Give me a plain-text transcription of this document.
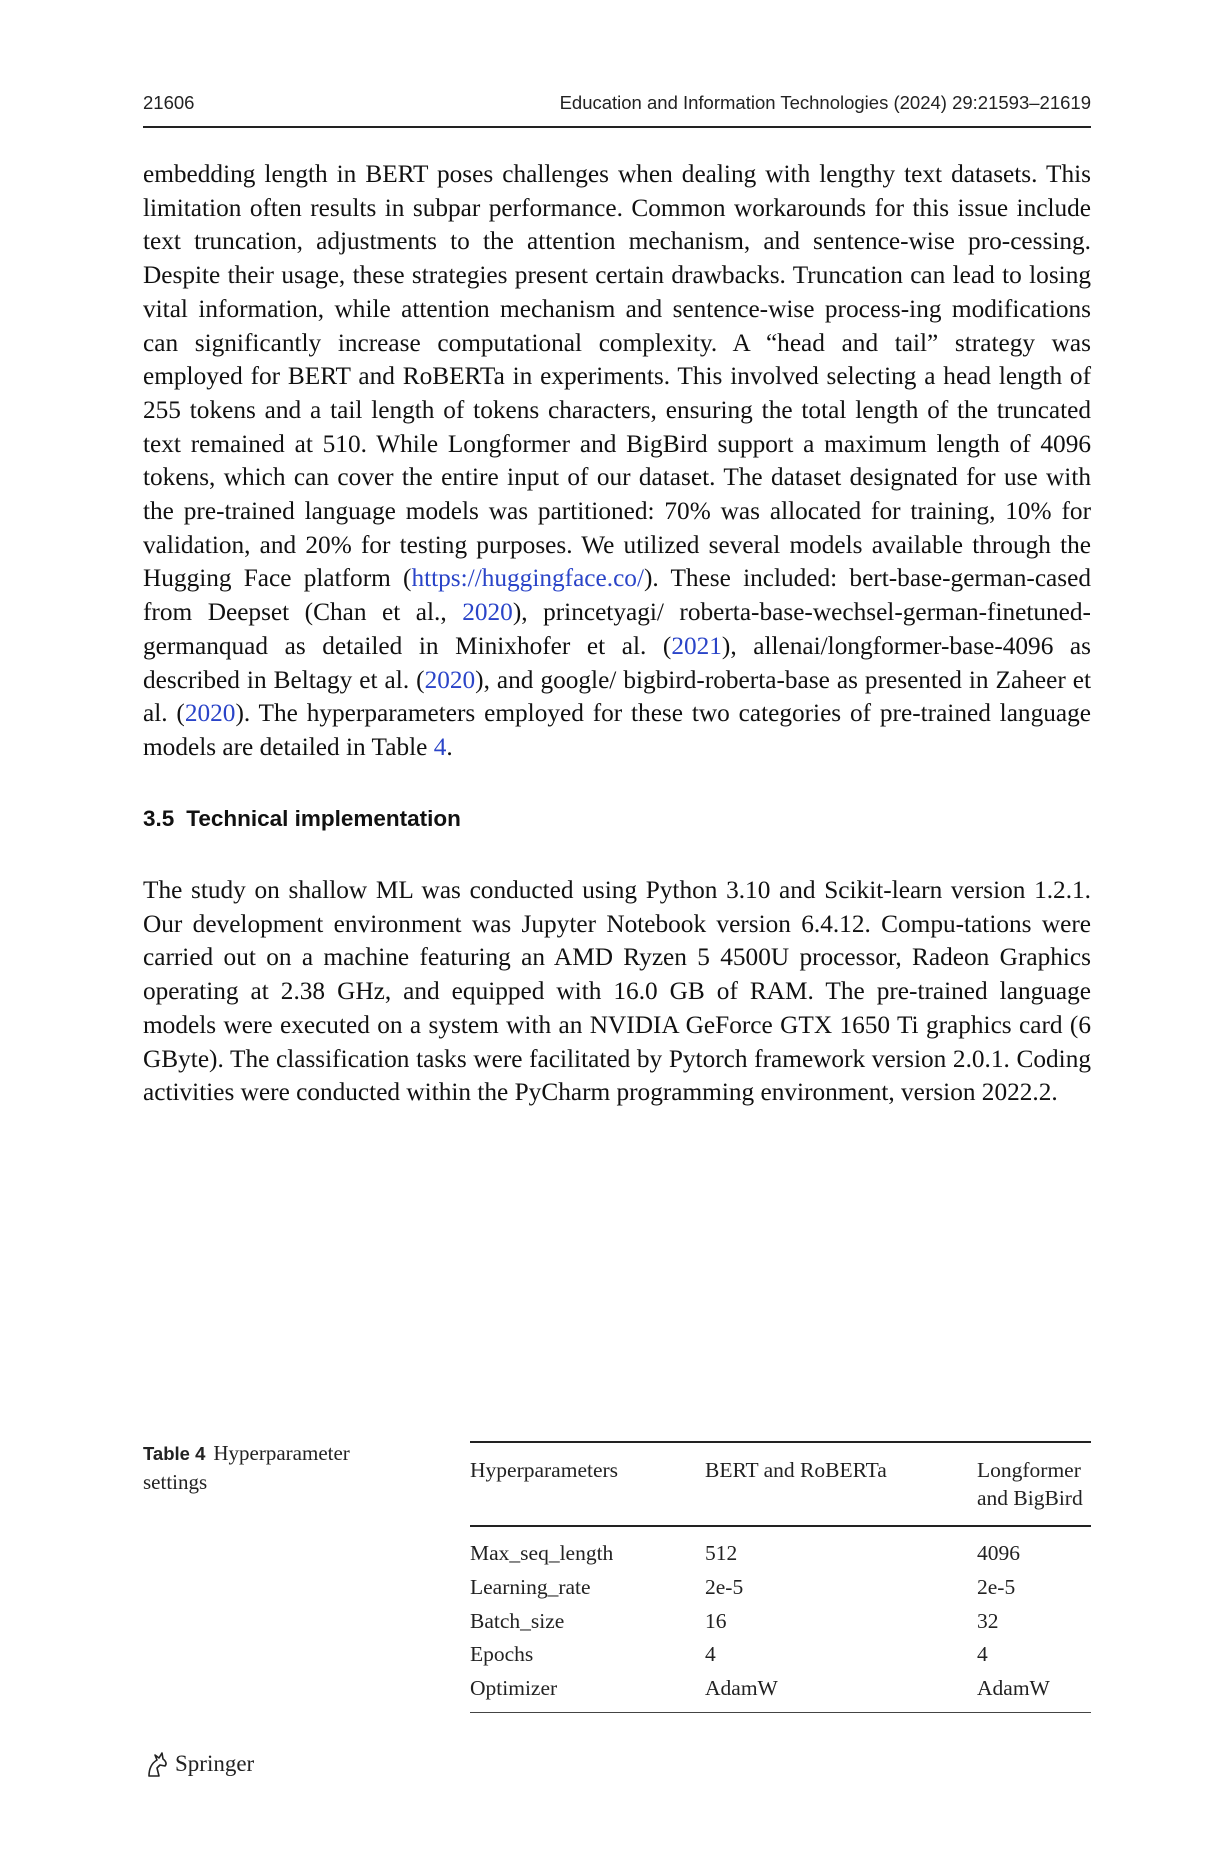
21606	Education and Information Technologies (2024) 29:21593–21619
embedding length in BERT poses challenges when dealing with lengthy text datasets. This limitation often results in subpar performance. Common workarounds for this issue include text truncation, adjustments to the attention mechanism, and sentence-wise pro-cessing. Despite their usage, these strategies present certain drawbacks. Truncation can lead to losing vital information, while attention mechanism and sentence-wise process-ing modifications can significantly increase computational complexity. A “head and tail” strategy was employed for BERT and RoBERTa in experiments. This involved selecting a head length of 255 tokens and a tail length of tokens characters, ensuring the total length of the truncated text remained at 510. While Longformer and BigBird support a maximum length of 4096 tokens, which can cover the entire input of our dataset. The dataset designated for use with the pre-trained language models was partitioned: 70% was allocated for training, 10% for validation, and 20% for testing purposes. We utilized several models available through the Hugging Face platform (https://huggingface.co/). These included: bert-base-german-cased from Deepset (Chan et al., 2020), princetyagi/ roberta-base-wechsel-german-finetuned-germanquad as detailed in Minixhofer et al. (2021), allenai/longformer-base-4096 as described in Beltagy et al. (2020), and google/ bigbird-roberta-base as presented in Zaheer et al. (2020). The hyperparameters employed for these two categories of pre-trained language models are detailed in Table 4.
3.5 Technical implementation
The study on shallow ML was conducted using Python 3.10 and Scikit-learn version 1.2.1. Our development environment was Jupyter Notebook version 6.4.12. Compu-tations were carried out on a machine featuring an AMD Ryzen 5 4500U processor, Radeon Graphics operating at 2.38 GHz, and equipped with 16.0 GB of RAM. The pre-trained language models were executed on a system with an NVIDIA GeForce GTX 1650 Ti graphics card (6 GByte). The classification tasks were facilitated by Pytorch framework version 2.0.1. Coding activities were conducted within the PyCharm programming environment, version 2022.2.
Table 4 Hyperparameter settings	Hyperparameters	BERT and RoBERTa	Longformer and BigBird
Max_seq_length	512	4096
Learning_rate	2e-5	2e-5
Batch_size	16	32
Epochs	4	4
Optimizer	AdamW	AdamW
Springer
